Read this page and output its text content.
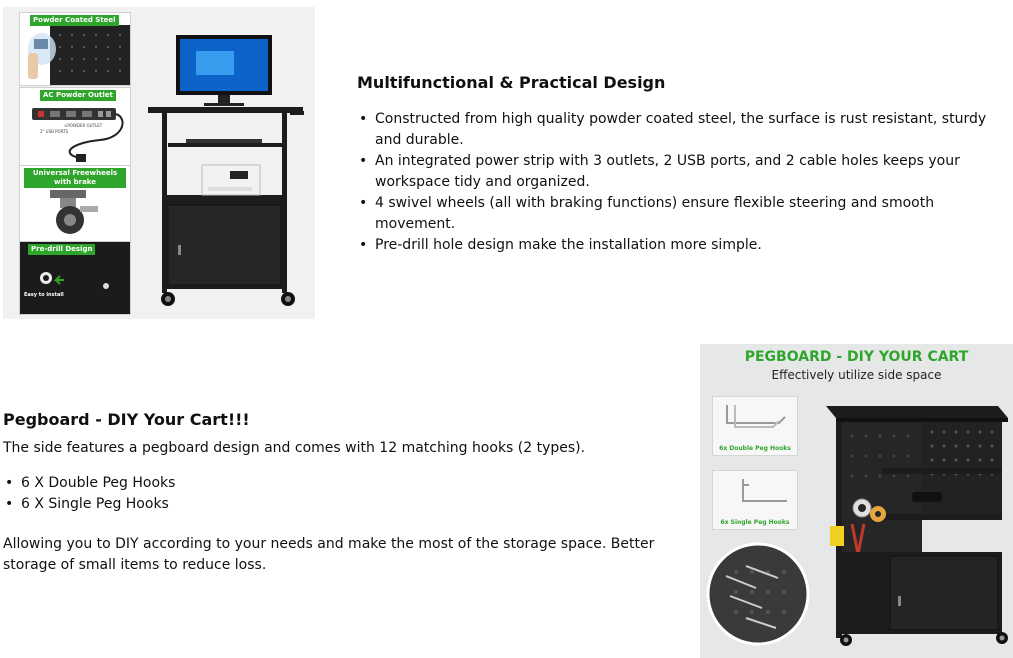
Powder Coated Steel
AC Powder Outlet
⊙POWDER OUTLET
2" USB PORTS
Universal Freewheels with brake
Pre-drill Design
Easy to install
Multifunctional & Practical Design
• Constructed from high quality powder coated steel, the surface is rust resistant, sturdy and durable.
• An integrated power strip with 3 outlets, 2 USB ports, and 2 cable holes keeps your workspace tidy and organized.
• 4 swivel wheels (all with braking functions) ensure flexible steering and smooth movement.
• Pre-drill hole design make the installation more simple.
Pegboard - DIY Your Cart!!!

The side features a pegboard design and comes with 12 matching hooks (2 types).

• 6 X Double Peg Hooks
• 6 X Single Peg Hooks

Allowing you to DIY according to your needs and make the most of the storage space. Better storage of small items to reduce loss.

PEGBOARD - DIY YOUR CART
Effectively utilize side space
6x Double Peg Hooks
6x Single Peg Hooks
